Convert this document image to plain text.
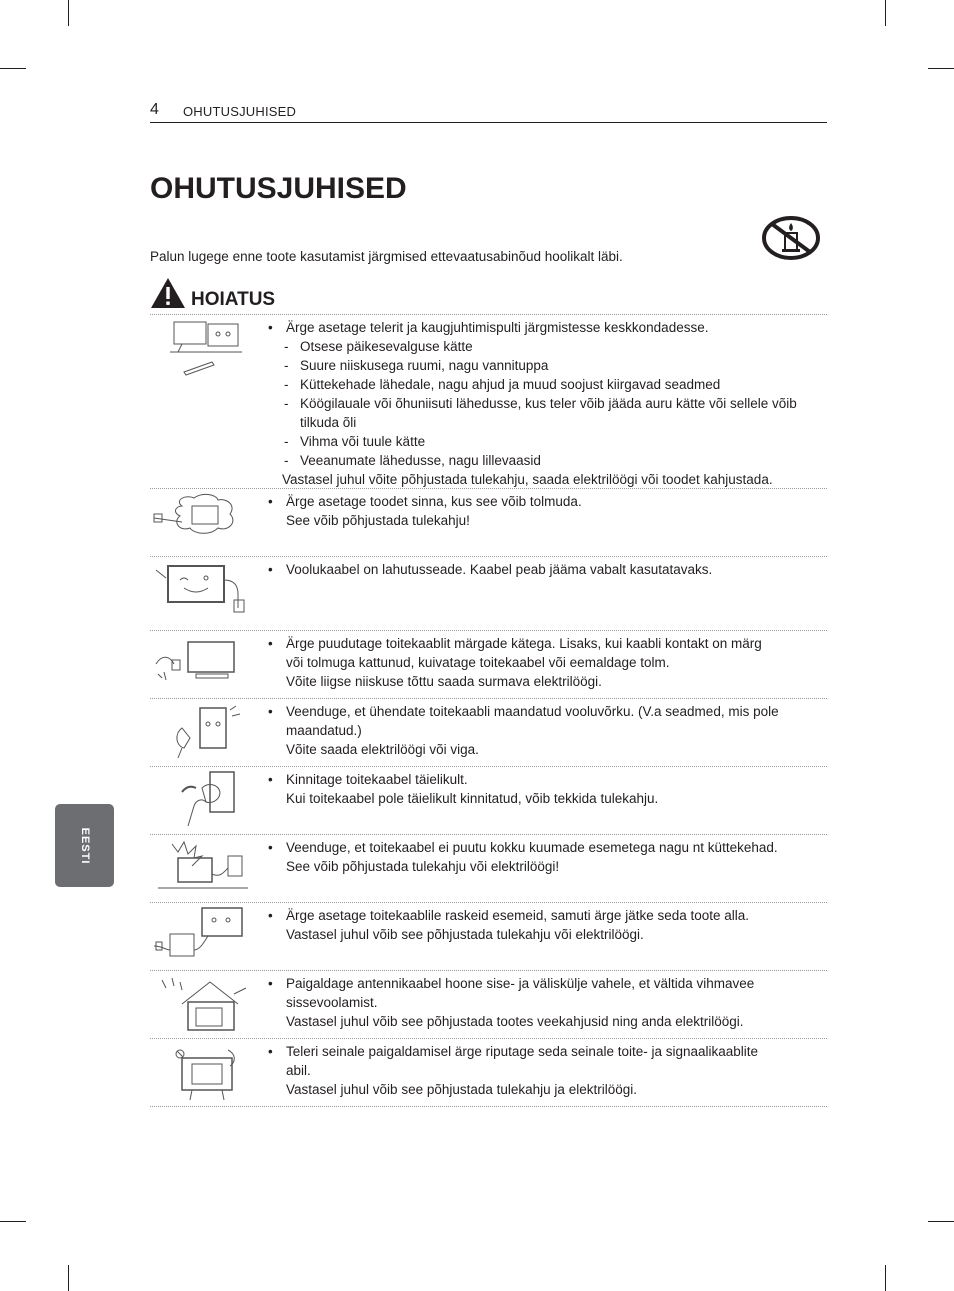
4 OHUTUSJUHISED
OHUTUSJUHISED
Palun lugege enne toote kasutamist järgmised ettevaatusabinõud hoolikalt läbi.
HOIATUS
• Ärge asetage telerit ja kaugjuhtimispulti järgmistesse keskkondadesse.
- Otsese päikesevalguse kätte
- Suure niiskusega ruumi, nagu vannituppa
- Küttekehade lähedale, nagu ahjud ja muud soojust kiirgavad seadmed
- Köögilauale või õhuniisuti lähedusse, kus teler võib jääda auru kätte või sellele võib tilkuda õli
- Vihma või tuule kätte
- Veeanumate lähedusse, nagu lillevaasid
Vastasel juhul võite põhjustada tulekahju, saada elektrilöögi või toodet kahjustada.
• Ärge asetage toodet sinna, kus see võib tolmuda.
See võib põhjustada tulekahju!
• Voolukaabel on lahutusseade. Kaabel peab jääma vabalt kasutatavaks.
• Ärge puudutage toitekaablit märgade kätega. Lisaks, kui kaabli kontakt on märg
või tolmuga kattunud, kuivatage toitekaabel või eemaldage tolm.
Võite liigse niiskuse tõttu saada surmava elektrilöögi.
• Veenduge, et ühendate toitekaabli maandatud vooluvõrku. (V.a seadmed, mis pole
maandatud.)
Võite saada elektrilöögi või viga.
• Kinnitage toitekaabel täielikult.
Kui toitekaabel pole täielikult kinnitatud, võib tekkida tulekahju.
• Veenduge, et toitekaabel ei puutu kokku kuumade esemetega nagu nt küttekehad.
See võib põhjustada tulekahju või elektrilöögi!
• Ärge asetage toitekaablile raskeid esemeid, samuti ärge jätke seda toote alla.
Vastasel juhul võib see põhjustada tulekahju või elektrilöögi.
• Paigaldage antennikaabel hoone sise- ja väliskülje vahele, et vältida vihmavee
sissevoolamist.
Vastasel juhul võib see põhjustada tootes veekahjusid ning anda elektrilöögi.
• Teleri seinale paigaldamisel ärge riputage seda seinale toite- ja signaalikaablite
abil.
Vastasel juhul võib see põhjustada tulekahju ja elektrilöögi.
EESTI
